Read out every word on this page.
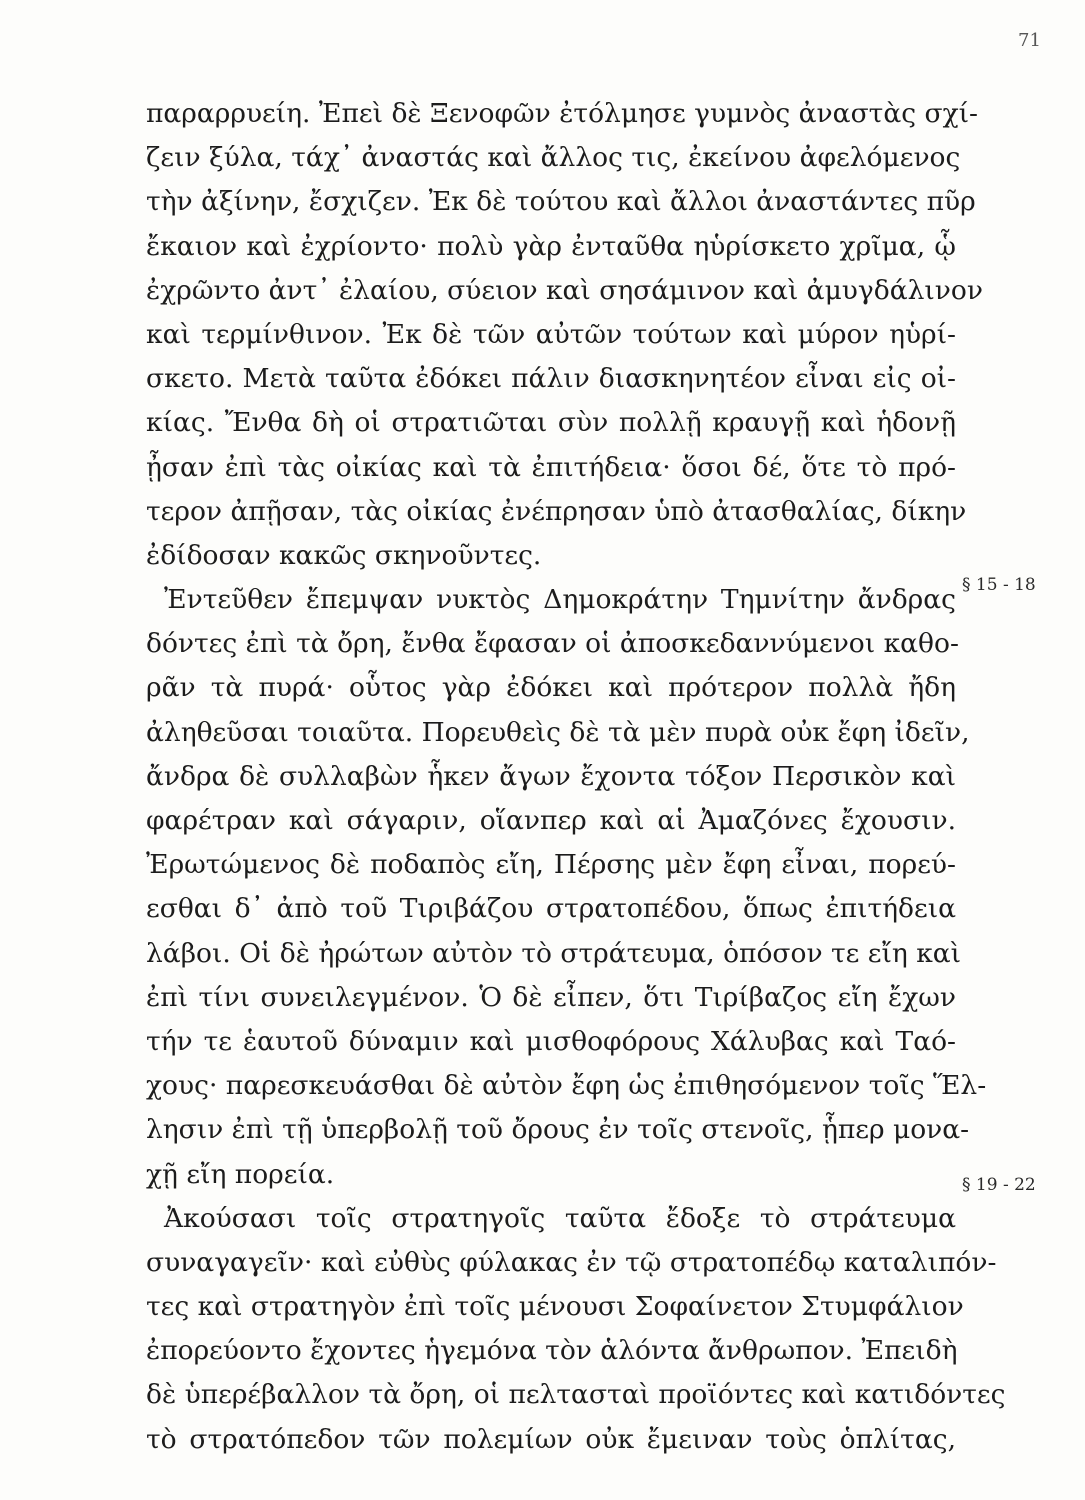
71
παραρρυείη. Ἐπεὶ δὲ Ξενοφῶν ἐτόλμησε γυμνὸς ἀναστὰς σχί-
ζειν ξύλα, τάχ᾽ ἀναστάς καὶ ἄλλος τις, ἐκείνου ἀφελόμενος
τὴν ἀξίνην, ἔσχιζεν. Ἐκ δὲ τούτου καὶ ἄλλοι ἀναστάντες πῦρ
ἔκαιον καὶ ἐχρίοντο· πολὺ γὰρ ἐνταῦθα ηὑρίσκετο χρῖμα, ᾧ
ἐχρῶντο ἀντ᾽ ἐλαίου, σύειον καὶ σησάμινον καὶ ἀμυγδάλινον
καὶ τερμίνθινον. Ἐκ δὲ τῶν αὐτῶν τούτων καὶ μύρον ηὑρί-
σκετο. Μετὰ ταῦτα ἐδόκει πάλιν διασκηνητέον εἶναι εἰς οἰ-
κίας. Ἔνθα δὴ οἱ στρατιῶται σὺν πολλῇ κραυγῇ καὶ ἡδονῇ
ᾖσαν ἐπὶ τὰς οἰκίας καὶ τὰ ἐπιτήδεια· ὅσοι δέ, ὅτε τὸ πρό-
τερον ἀπῇσαν, τὰς οἰκίας ἐνέπρησαν ὑπὸ ἀτασθαλίας, δίκην
ἐδίδοσαν κακῶς σκηνοῦντες.
Ἐντεῦθεν ἔπεμψαν νυκτὸς Δημοκράτην Τημνίτην ἄνδρας
δόντες ἐπὶ τὰ ὄρη, ἔνθα ἔφασαν οἱ ἀποσκεδαννύμενοι καθο-
ρᾶν τὰ πυρά· οὗτος γὰρ ἐδόκει καὶ πρότερον πολλὰ ἤδη
ἀληθεῦσαι τοιαῦτα. Πορευθεὶς δὲ τὰ μὲν πυρὰ οὐκ ἔφη ἰδεῖν,
ἄνδρα δὲ συλλαβὼν ἧκεν ἄγων ἔχοντα τόξον Περσικὸν καὶ
φαρέτραν καὶ σάγαριν, οἵανπερ καὶ αἱ Ἀμαζόνες ἔχουσιν.
Ἐρωτώμενος δὲ ποδαπὸς εἴη, Πέρσης μὲν ἔφη εἶναι, πορεύ-
εσθαι δ᾽ ἀπὸ τοῦ Τιριβάζου στρατοπέδου, ὅπως ἐπιτήδεια
λάβοι. Οἱ δὲ ἠρώτων αὐτὸν τὸ στράτευμα, ὁπόσον τε εἴη καὶ
ἐπὶ τίνι συνειλεγμένον. Ὁ δὲ εἶπεν, ὅτι Τιρίβαζος εἴη ἔχων
τήν τε ἑαυτοῦ δύναμιν καὶ μισθοφόρους Χάλυβας καὶ Ταό-
χους· παρεσκευάσθαι δὲ αὐτὸν ἔφη ὡς ἐπιθησόμενον τοῖς Ἕλ-
λησιν ἐπὶ τῇ ὑπερβολῇ τοῦ ὄρους ἐν τοῖς στενοῖς, ᾗπερ μονα-
χῇ εἴη πορεία.
Ἀκούσασι τοῖς στρατηγοῖς ταῦτα ἔδοξε τὸ στράτευμα
συναγαγεῖν· καὶ εὐθὺς φύλακας ἐν τῷ στρατοπέδῳ καταλιπόν-
τες καὶ στρατηγὸν ἐπὶ τοῖς μένουσι Σοφαίνετον Στυμφάλιον
ἐπορεύοντο ἔχοντες ἡγεμόνα τὸν ἁλόντα ἄνθρωπον. Ἐπειδὴ
δὲ ὑπερέβαλλον τὰ ὄρη, οἱ πελτασταὶ προϊόντες καὶ κατιδόντες
τὸ στρατόπεδον τῶν πολεμίων οὐκ ἔμειναν τοὺς ὁπλίτας,
§ 15 - 18
§ 19 - 22
